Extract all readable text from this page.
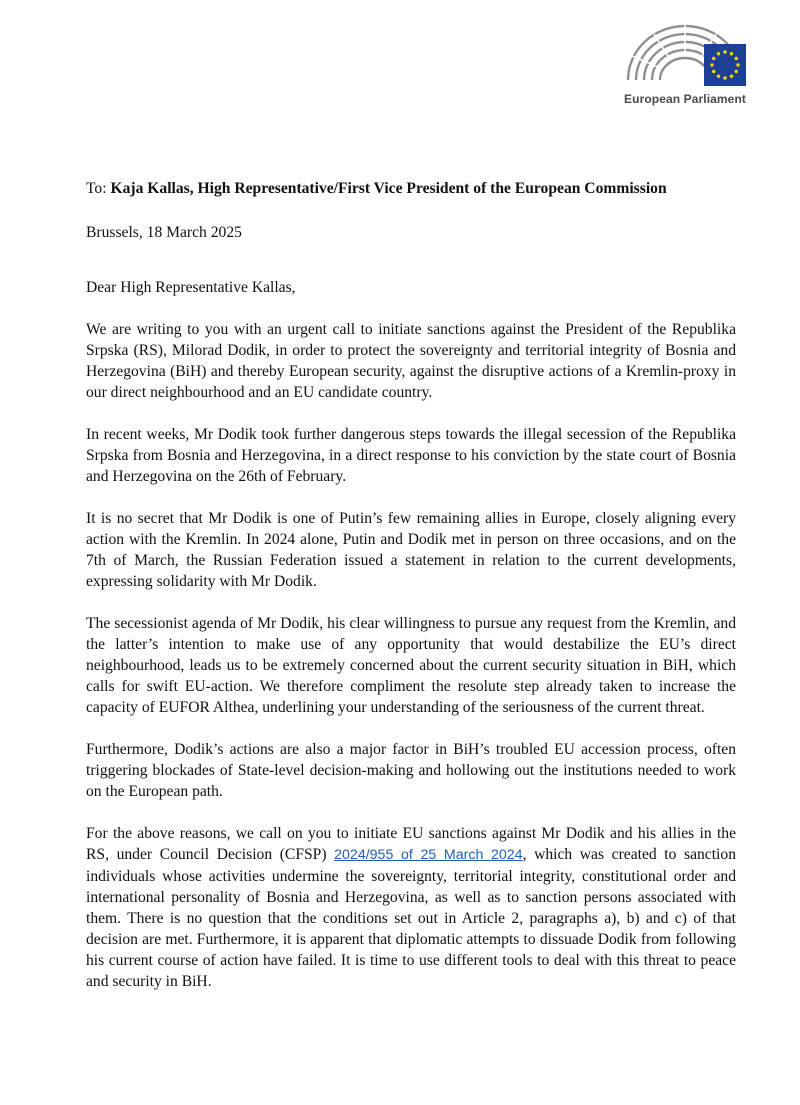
European Parliament
To: Kaja Kallas, High Representative/First Vice President of the European Commission
Brussels, 18 March 2025
Dear High Representative Kallas,

We are writing to you with an urgent call to initiate sanctions against the President of the Republika Srpska (RS), Milorad Dodik, in order to protect the sovereignty and territorial integrity of Bosnia and Herzegovina (BiH) and thereby European security, against the disruptive actions of a Kremlin-proxy in our direct neighbourhood and an EU candidate country.

In recent weeks, Mr Dodik took further dangerous steps towards the illegal secession of the Republika Srpska from Bosnia and Herzegovina, in a direct response to his conviction by the state court of Bosnia and Herzegovina on the 26th of February.

It is no secret that Mr Dodik is one of Putin’s few remaining allies in Europe, closely aligning every action with the Kremlin. In 2024 alone, Putin and Dodik met in person on three occasions, and on the 7th of March, the Russian Federation issued a statement in relation to the current developments, expressing solidarity with Mr Dodik.

The secessionist agenda of Mr Dodik, his clear willingness to pursue any request from the Kremlin, and the latter’s intention to make use of any opportunity that would destabilize the EU’s direct neighbourhood, leads us to be extremely concerned about the current security situation in BiH, which calls for swift EU-action. We therefore compliment the resolute step already taken to increase the capacity of EUFOR Althea, underlining your understanding of the seriousness of the current threat.

Furthermore, Dodik’s actions are also a major factor in BiH’s troubled EU accession process, often triggering blockades of State-level decision-making and hollowing out the institutions needed to work on the European path.

For the above reasons, we call on you to initiate EU sanctions against Mr Dodik and his allies in the RS, under Council Decision (CFSP) 2024/955 of 25 March 2024, which was created to sanction individuals whose activities undermine the sovereignty, territorial integrity, constitutional order and international personality of Bosnia and Herzegovina, as well as to sanction persons associated with them. There is no question that the conditions set out in Article 2, paragraphs a), b) and c) of that decision are met. Furthermore, it is apparent that diplomatic attempts to dissuade Dodik from following his current course of action have failed. It is time to use different tools to deal with this threat to peace and security in BiH.
